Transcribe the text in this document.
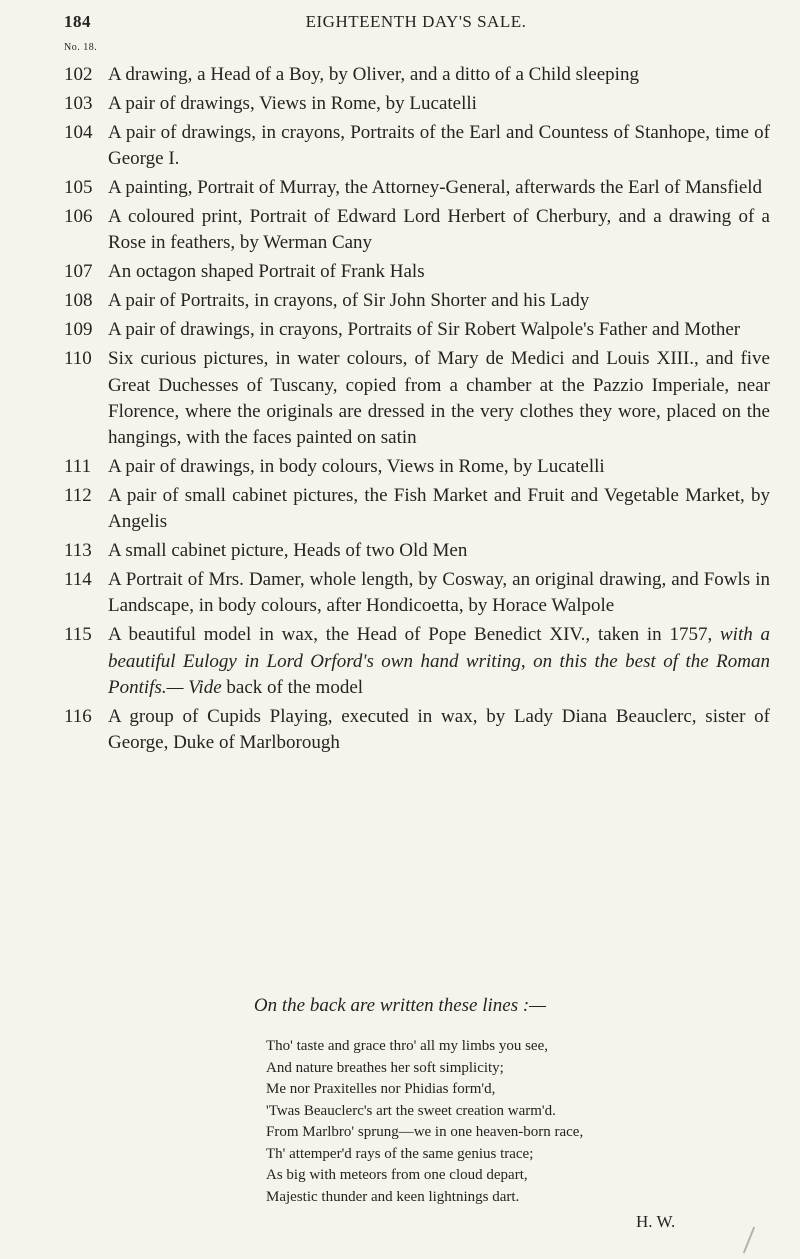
184	EIGHTEENTH DAY'S SALE.
No. 18.
102 A drawing, a Head of a Boy, by Oliver, and a ditto of a Child sleeping
103 A pair of drawings, Views in Rome, by Lucatelli
104 A pair of drawings, in crayons, Portraits of the Earl and Countess of Stanhope, time of George I.
105 A painting, Portrait of Murray, the Attorney-General, afterwards the Earl of Mansfield
106 A coloured print, Portrait of Edward Lord Herbert of Cherbury, and a drawing of a Rose in feathers, by Werman Cany
107 An octagon shaped Portrait of Frank Hals
108 A pair of Portraits, in crayons, of Sir John Shorter and his Lady
109 A pair of drawings, in crayons, Portraits of Sir Robert Walpole's Father and Mother
110 Six curious pictures, in water colours, of Mary de Medici and Louis XIII., and five Great Duchesses of Tuscany, copied from a chamber at the Pazzio Imperiale, near Florence, where the originals are dressed in the very clothes they wore, placed on the hangings, with the faces painted on satin
111 A pair of drawings, in body colours, Views in Rome, by Lucatelli
112 A pair of small cabinet pictures, the Fish Market and Fruit and Vegetable Market, by Angelis
113 A small cabinet picture, Heads of two Old Men
114 A Portrait of Mrs. Damer, whole length, by Cosway, an original drawing, and Fowls in Landscape, in body colours, after Hondicoetta, by Horace Walpole
115 A beautiful model in wax, the Head of Pope Benedict XIV., taken in 1757, with a beautiful Eulogy in Lord Orford's own hand writing, on this the best of the Roman Pontifs.— Vide back of the model
116 A group of Cupids Playing, executed in wax, by Lady Diana Beauclerc, sister of George, Duke of Marlborough
On the back are written these lines :—
Tho' taste and grace thro' all my limbs you see,
And nature breathes her soft simplicity;
Me nor Praxitelles nor Phidias form'd,
'Twas Beauclerc's art the sweet creation warm'd.
From Marlbro' sprung—we in one heaven-born race,
Th' attemper'd rays of the same genius trace;
As big with meteors from one cloud depart,
Majestic thunder and keen lightnings dart.
H. W.
